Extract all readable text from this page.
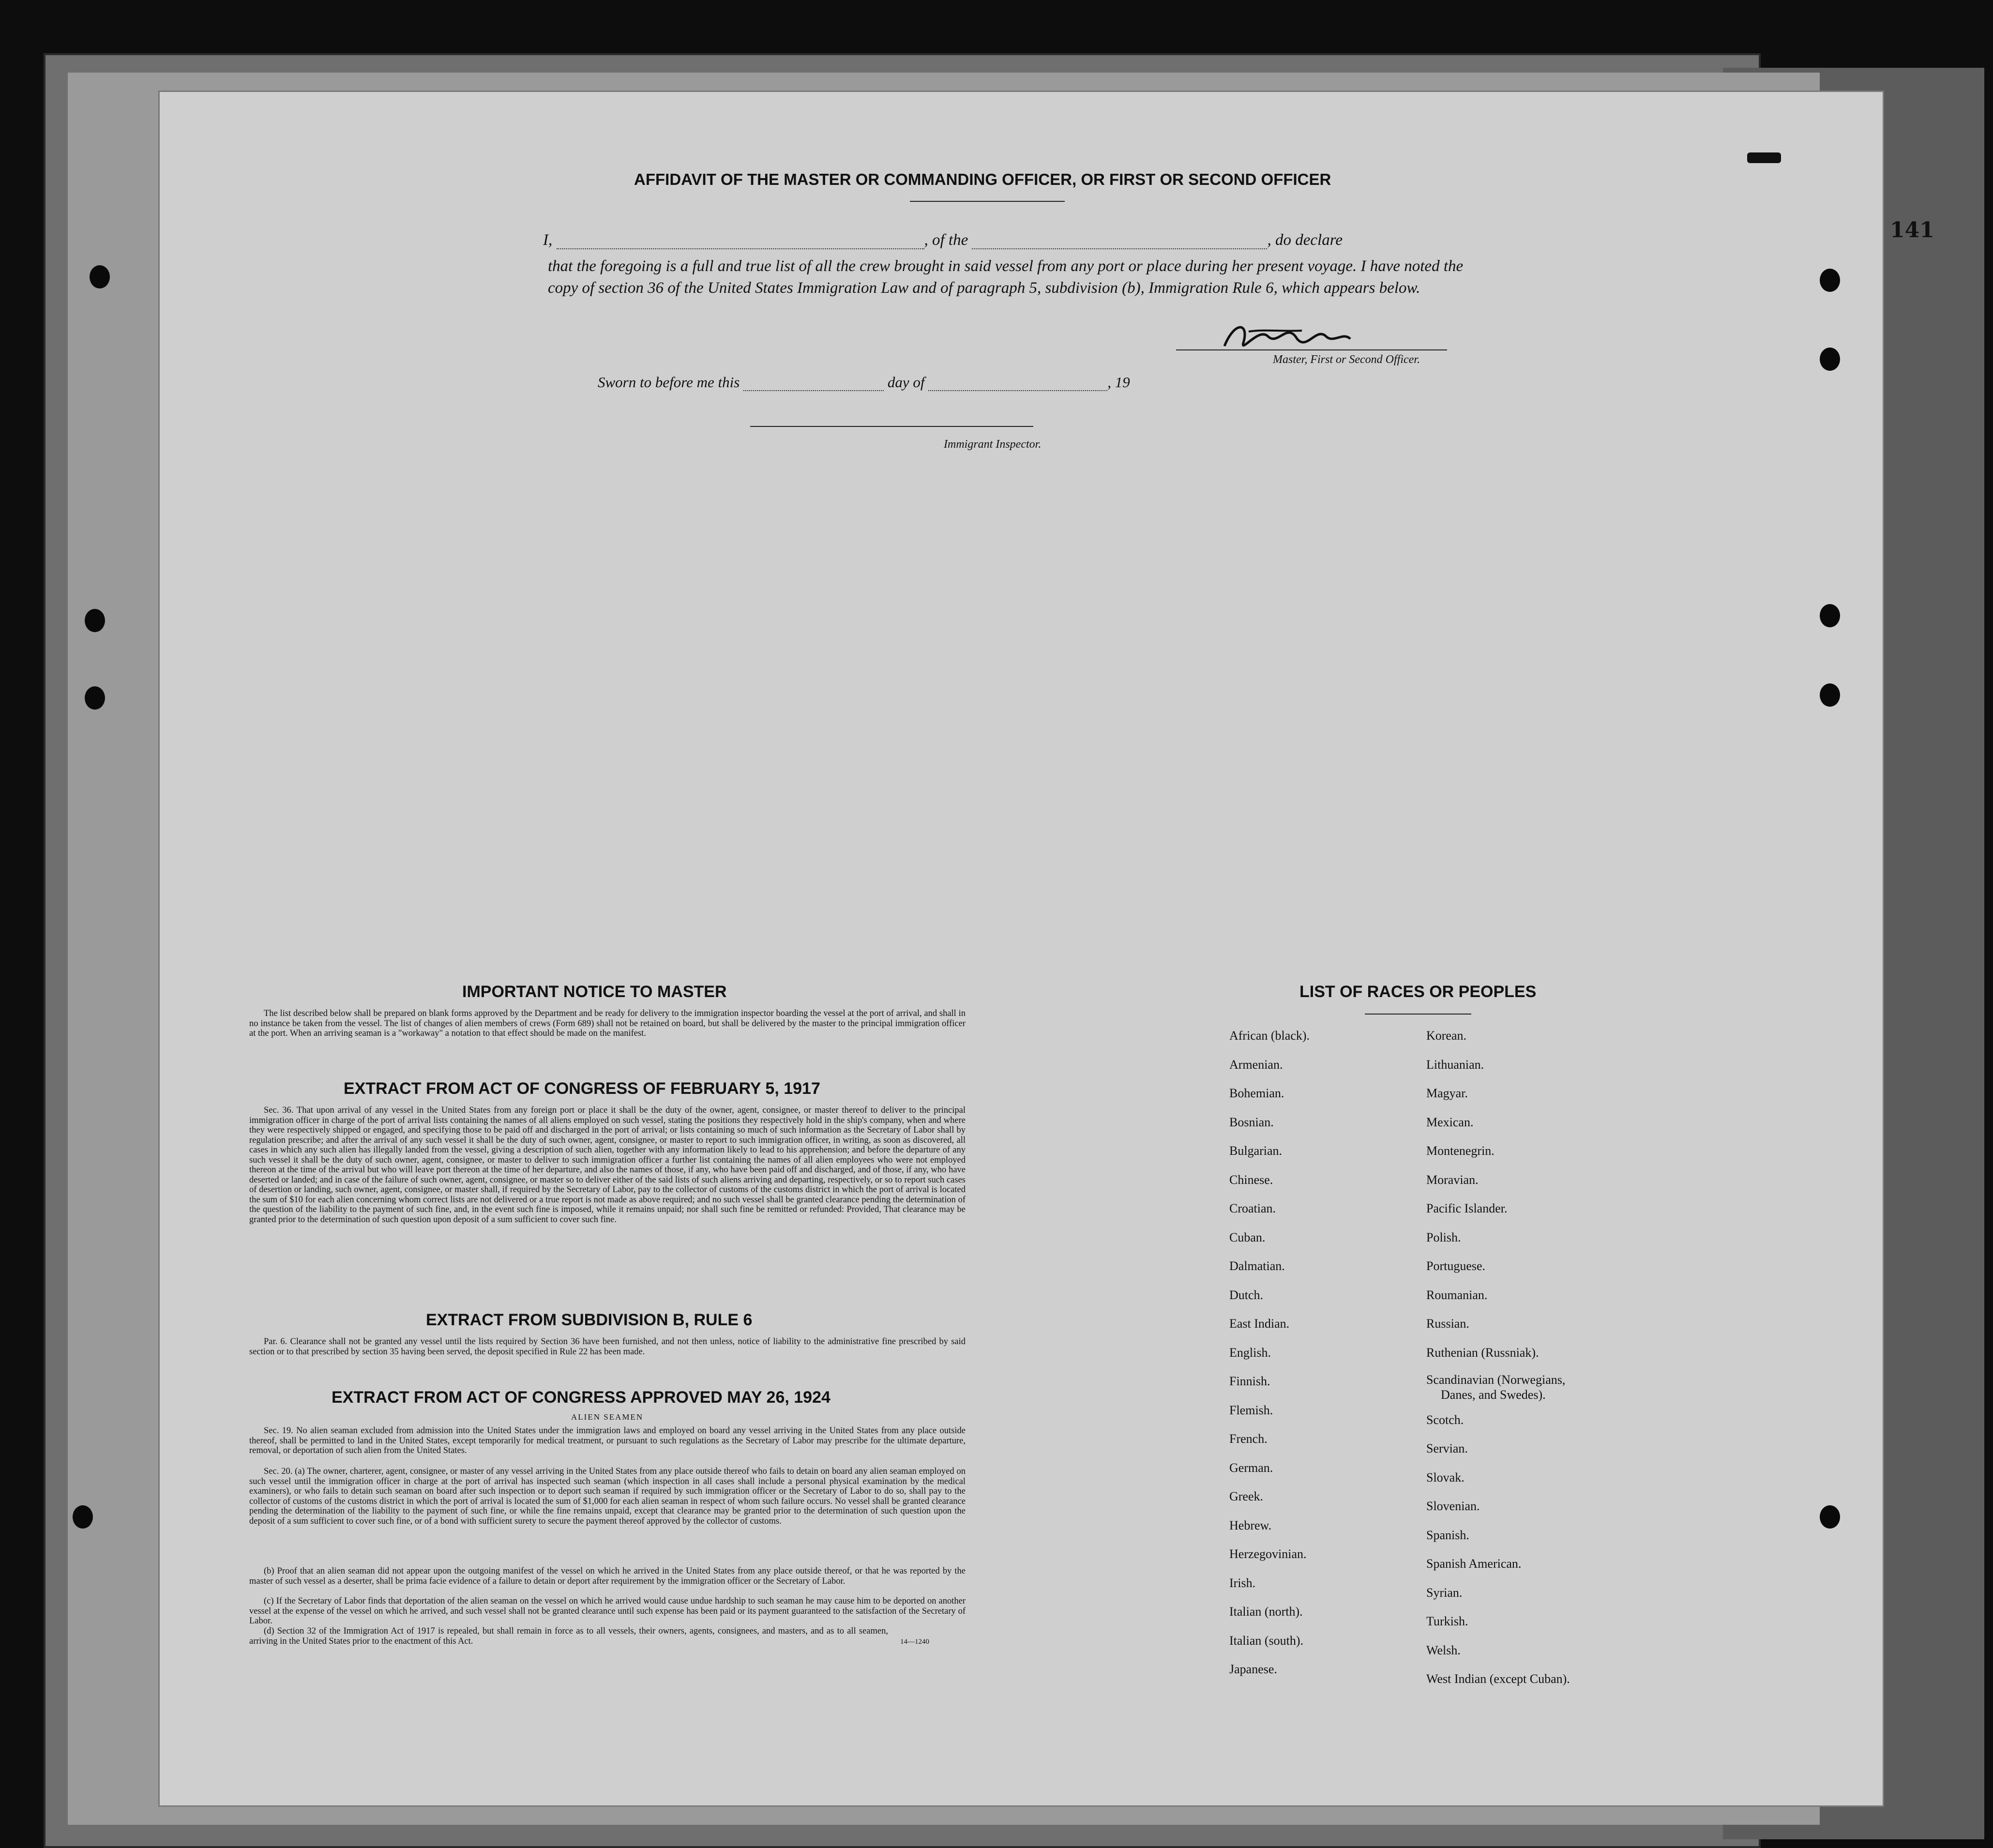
141
AFFIDAVIT OF THE MASTER OR COMMANDING OFFICER, OR FIRST OR SECOND OFFICER
I,	, of the	, do declare
that the foregoing is a full and true list of all the crew brought in said vessel from any port or place during her present voyage. I have noted the copy of section 36 of the United States Immigration Law and of paragraph 5, subdivision (b), Immigration Rule 6, which appears below.
Master, First or Second Officer.
Sworn to before me this	day of	, 19
Immigrant Inspector.
IMPORTANT NOTICE TO MASTER
The list described below shall be prepared on blank forms approved by the Department and be ready for delivery to the immigration inspector boarding the vessel at the port of arrival, and shall in no instance be taken from the vessel. The list of changes of alien members of crews (Form 689) shall not be retained on board, but shall be delivered by the master to the principal immigration officer at the port. When an arriving seaman is a "workaway" a notation to that effect should be made on the manifest.
EXTRACT FROM ACT OF CONGRESS OF FEBRUARY 5, 1917
Sec. 36. That upon arrival of any vessel in the United States from any foreign port or place it shall be the duty of the owner, agent, consignee, or master thereof to deliver to the principal immigration officer in charge of the port of arrival lists containing the names of all aliens employed on such vessel, stating the positions they respectively hold in the ship's company, when and where they were respectively shipped or engaged, and specifying those to be paid off and discharged in the port of arrival; or lists containing so much of such information as the Secretary of Labor shall by regulation prescribe; and after the arrival of any such vessel it shall be the duty of such owner, agent, consignee, or master to report to such immigration officer, in writing, as soon as discovered, all cases in which any such alien has illegally landed from the vessel, giving a description of such alien, together with any information likely to lead to his apprehension; and before the departure of any such vessel it shall be the duty of such owner, agent, consignee, or master to deliver to such immigration officer a further list containing the names of all alien employees who were not employed thereon at the time of the arrival but who will leave port thereon at the time of her departure, and also the names of those, if any, who have been paid off and discharged, and of those, if any, who have deserted or landed; and in case of the failure of such owner, agent, consignee, or master so to deliver either of the said lists of such aliens arriving and departing, respectively, or so to report such cases of desertion or landing, such owner, agent, consignee, or master shall, if required by the Secretary of Labor, pay to the collector of customs of the customs district in which the port of arrival is located the sum of $10 for each alien concerning whom correct lists are not delivered or a true report is not made as above required; and no such vessel shall be granted clearance pending the determination of the question of the liability to the payment of such fine, and, in the event such fine is imposed, while it remains unpaid; nor shall such fine be remitted or refunded: Provided, That clearance may be granted prior to the determination of such question upon deposit of a sum sufficient to cover such fine.
EXTRACT FROM SUBDIVISION B, RULE 6
Par. 6. Clearance shall not be granted any vessel until the lists required by Section 36 have been furnished, and not then unless, notice of liability to the administrative fine prescribed by said section or to that prescribed by section 35 having been served, the deposit specified in Rule 22 has been made.
EXTRACT FROM ACT OF CONGRESS APPROVED MAY 26, 1924
ALIEN SEAMEN
Sec. 19. No alien seaman excluded from admission into the United States under the immigration laws and employed on board any vessel arriving in the United States from any place outside thereof, shall be permitted to land in the United States, except temporarily for medical treatment, or pursuant to such regulations as the Secretary of Labor may prescribe for the ultimate departure, removal, or deportation of such alien from the United States.
Sec. 20. (a) The owner, charterer, agent, consignee, or master of any vessel arriving in the United States from any place outside thereof who fails to detain on board any alien seaman employed on such vessel until the immigration officer in charge at the port of arrival has inspected such seaman (which inspection in all cases shall include a personal physical examination by the medical examiners), or who fails to detain such seaman on board after such inspection or to deport such seaman if required by such immigration officer or the Secretary of Labor to do so, shall pay to the collector of customs of the customs district in which the port of arrival is located the sum of $1,000 for each alien seaman in respect of whom such failure occurs. No vessel shall be granted clearance pending the determination of the liability to the payment of such fine, or while the fine remains unpaid, except that clearance may be granted prior to the determination of such question upon the deposit of a sum sufficient to cover such fine, or of a bond with sufficient surety to secure the payment thereof approved by the collector of customs.
(b) Proof that an alien seaman did not appear upon the outgoing manifest of the vessel on which he arrived in the United States from any place outside thereof, or that he was reported by the master of such vessel as a deserter, shall be prima facie evidence of a failure to detain or deport after requirement by the immigration officer or the Secretary of Labor.
(c) If the Secretary of Labor finds that deportation of the alien seaman on the vessel on which he arrived would cause undue hardship to such seaman he may cause him to be deported on another vessel at the expense of the vessel on which he arrived, and such vessel shall not be granted clearance until such expense has been paid or its payment guaranteed to the satisfaction of the Secretary of Labor.
(d) Section 32 of the Immigration Act of 1917 is repealed, but shall remain in force as to all vessels, their owners, agents, consignees, and masters, and as to all seamen, arriving in the United States prior to the enactment of this Act.	14—1240
LIST OF RACES OR PEOPLES
African (black).
Armenian.
Bohemian.
Bosnian.
Bulgarian.
Chinese.
Croatian.
Cuban.
Dalmatian.
Dutch.
East Indian.
English.
Finnish.
Flemish.
French.
German.
Greek.
Hebrew.
Herzegovinian.
Irish.
Italian (north).
Italian (south).
Japanese.
Korean.
Lithuanian.
Magyar.
Mexican.
Montenegrin.
Moravian.
Pacific Islander.
Polish.
Portuguese.
Roumanian.
Russian.
Ruthenian (Russniak).
Scandinavian (Norwegians,
Danes, and Swedes).
Scotch.
Servian.
Slovak.
Slovenian.
Spanish.
Spanish American.
Syrian.
Turkish.
Welsh.
West Indian (except Cuban).
